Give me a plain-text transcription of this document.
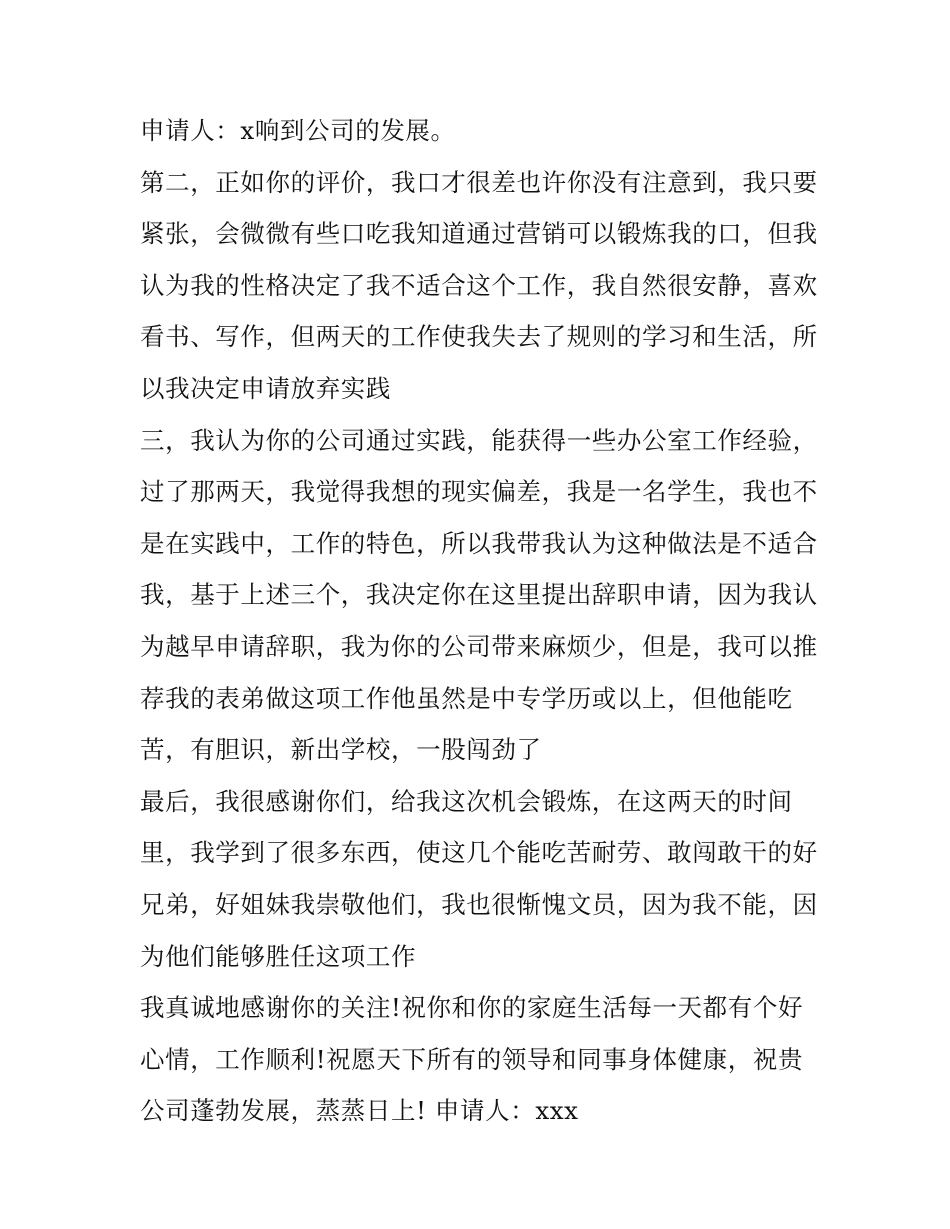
申请人：x响到公司的发展。

第二，正如你的评价，我口才很差也许你没有注意到，我只要紧张，会微微有些口吃我知道通过营销可以锻炼我的口，但我认为我的性格决定了我不适合这个工作，我自然很安静，喜欢看书、写作，但两天的工作使我失去了规则的学习和生活，所以我决定申请放弃实践

三，我认为你的公司通过实践，能获得一些办公室工作经验，过了那两天，我觉得我想的现实偏差，我是一名学生，我也不是在实践中，工作的特色，所以我带我认为这种做法是不适合我，基于上述三个，我决定你在这里提出辞职申请，因为我认为越早申请辞职，我为你的公司带来麻烦少，但是，我可以推荐我的表弟做这项工作他虽然是中专学历或以上，但他能吃苦，有胆识，新出学校，一股闯劲了

最后，我很感谢你们，给我这次机会锻炼，在这两天的时间里，我学到了很多东西，使这几个能吃苦耐劳、敢闯敢干的好兄弟，好姐妹我崇敬他们，我也很惭愧文员，因为我不能，因为他们能够胜任这项工作

我真诚地感谢你的关注!祝你和你的家庭生活每一天都有个好心情，工作顺利!祝愿天下所有的领导和同事身体健康，祝贵公司蓬勃发展，蒸蒸日上! 申请人：xxx
